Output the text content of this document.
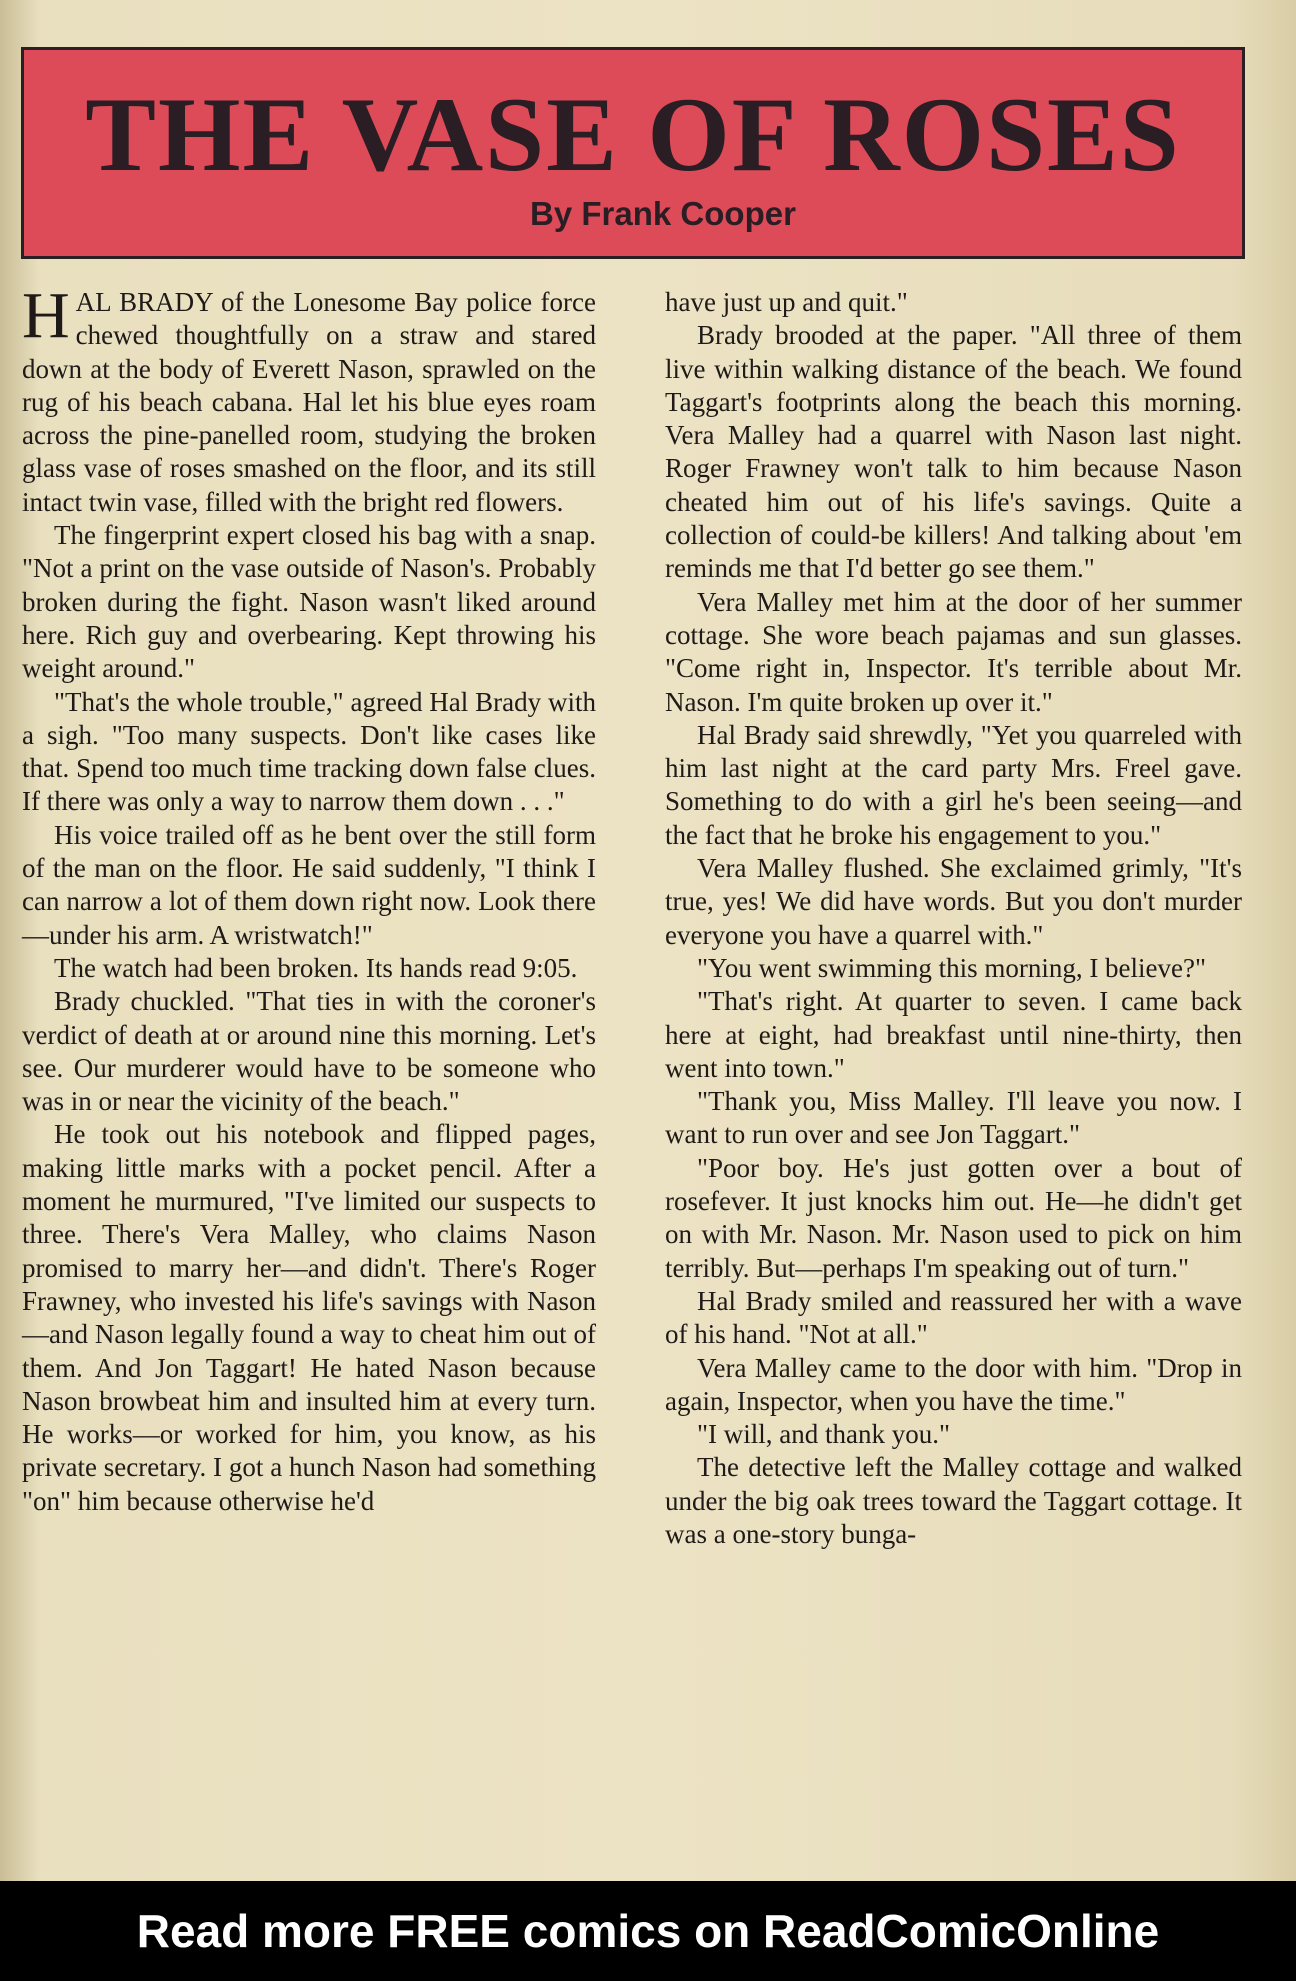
THE VASE OF ROSES
By Frank Cooper

HAL BRADY of the Lonesome Bay police force chewed thoughtfully on a straw and stared down at the body of Everett Nason, sprawled on the rug of his beach cabana. Hal let his blue eyes roam across the pine-panelled room, studying the broken glass vase of roses smashed on the floor, and its still intact twin vase, filled with the bright red flowers.

The fingerprint expert closed his bag with a snap. "Not a print on the vase outside of Nason's. Probably broken during the fight. Nason wasn't liked around here. Rich guy and overbearing. Kept throwing his weight around."

"That's the whole trouble," agreed Hal Brady with a sigh. "Too many suspects. Don't like cases like that. Spend too much time tracking down false clues. If there was only a way to narrow them down . . ."

His voice trailed off as he bent over the still form of the man on the floor. He said suddenly, "I think I can narrow a lot of them down right now. Look there—under his arm. A wristwatch!"

The watch had been broken. Its hands read 9:05.

Brady chuckled. "That ties in with the coroner's verdict of death at or around nine this morning. Let's see. Our murderer would have to be someone who was in or near the vicinity of the beach."

He took out his notebook and flipped pages, making little marks with a pocket pencil. After a moment he murmured, "I've limited our suspects to three. There's Vera Malley, who claims Nason promised to marry her—and didn't. There's Roger Frawney, who invested his life's savings with Nason—and Nason legally found a way to cheat him out of them. And Jon Taggart! He hated Nason because Nason browbeat him and insulted him at every turn. He works—or worked for him, you know, as his private secretary. I got a hunch Nason had something "on" him because otherwise he'd

have just up and quit."

Brady brooded at the paper. "All three of them live within walking distance of the beach. We found Taggart's footprints along the beach this morning. Vera Malley had a quarrel with Nason last night. Roger Frawney won't talk to him because Nason cheated him out of his life's savings. Quite a collection of could-be killers! And talking about 'em reminds me that I'd better go see them."

Vera Malley met him at the door of her summer cottage. She wore beach pajamas and sun glasses. "Come right in, Inspector. It's terrible about Mr. Nason. I'm quite broken up over it."

Hal Brady said shrewdly, "Yet you quarreled with him last night at the card party Mrs. Freel gave. Something to do with a girl he's been seeing—and the fact that he broke his engagement to you."

Vera Malley flushed. She exclaimed grimly, "It's true, yes! We did have words. But you don't murder everyone you have a quarrel with."

"You went swimming this morning, I believe?"

"That's right. At quarter to seven. I came back here at eight, had breakfast until nine-thirty, then went into town."

"Thank you, Miss Malley. I'll leave you now. I want to run over and see Jon Taggart."

"Poor boy. He's just gotten over a bout of rosefever. It just knocks him out. He—he didn't get on with Mr. Nason. Mr. Nason used to pick on him terribly. But—perhaps I'm speaking out of turn."

Hal Brady smiled and reassured her with a wave of his hand. "Not at all."

Vera Malley came to the door with him. "Drop in again, Inspector, when you have the time."

"I will, and thank you."

The detective left the Malley cottage and walked under the big oak trees toward the Taggart cottage. It was a one-story bunga-

Read more FREE comics on ReadComicOnline
